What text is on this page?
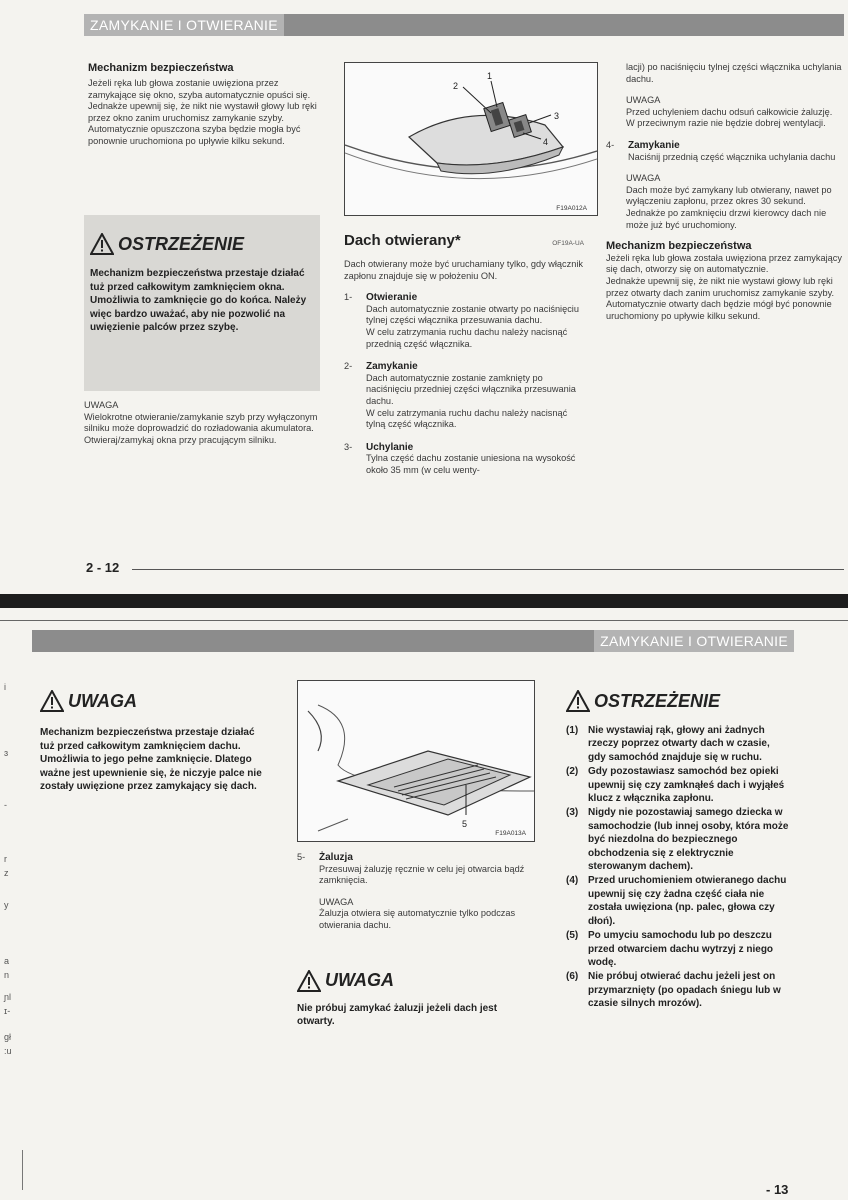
ZAMYKANIE I OTWIERANIE
Mechanizm bezpieczeństwa

Jeżeli ręka lub głowa zostanie uwięziona przez zamykające się okno, szyba automatycznie opuści się.

Jednakże upewnij się, że nikt nie wystawił głowy lub ręki przez okno zanim uruchomisz zamykanie szyby.

Automatycznie opuszczona szyba będzie mogła być ponownie uruchomiona po upływie kilku sekund.

OSTRZEŻENIE
Mechanizm bezpieczeństwa przestaje działać tuż przed całkowitym zamknięciem okna. Umożliwia to zamknięcie go do końca. Należy więc bardzo uważać, aby nie pozwolić na uwięzienie palców przez szybę.

UWAGA

Wielokrotne otwieranie/zamykanie szyb przy wyłączonym silniku może doprowadzić do rozładowania akumulatora. Otwieraj/zamykaj okna przy pracującym silniku.

1
2
3
4
F19A012A
Dach otwierany*	OF19A-UA
Dach otwierany może być uruchamiany tylko, gdy włącznik zapłonu znajduje się w położeniu ON.
1-	Otwieranie

Dach automatycznie zostanie otwarty po naciśnięciu tylnej części włącznika przesuwania dachu.

W celu zatrzymania ruchu dachu należy nacisnąć przednią część włącznika.

2-	Zamykanie

Dach automatycznie zostanie zamknięty po naciśnięciu przedniej części włącznika przesuwania dachu.

W celu zatrzymania ruchu dachu należy nacisnąć tylną część włącznika.

3-	Uchylanie

Tylna część dachu zostanie uniesiona na wysokość około 35 mm (w celu wenty-

lacji) po naciśnięciu tylnej części włącznika uchylania dachu.

UWAGA

Przed uchyleniem dachu odsuń całkowicie żaluzję. W przeciwnym razie nie będzie dobrej wentylacji.

4-	Zamykanie

Naciśnij przednią część włącznika uchylania dachu

UWAGA

Dach może być zamykany lub otwierany, nawet po wyłączeniu zapłonu, przez okres 30 sekund.

Jednakże po zamknięciu drzwi kierowcy dach nie może już być uruchomiony.

Mechanizm bezpieczeństwa

Jeżeli ręka lub głowa została uwięziona przez zamykający się dach, otworzy się on automatycznie.

Jednakże upewnij się, że nikt nie wystawi głowy lub ręki przez otwarty dach zanim uruchomisz zamykanie szyby.

Automatycznie otwarty dach będzie mógł być ponownie uruchomiony po upływie kilku sekund.

2 - 12
ZAMYKANIE I OTWIERANIE
i
ɜ
-
r
z
y
a
n
ɲl
ɪ-
gł
:u
UWAGA
Mechanizm bezpieczeństwa przestaje działać tuż przed całkowitym zamknięciem dachu. Umożliwia to jego pełne zamknięcie. Dlatego ważne jest upewnienie się, że niczyje palce nie zostały uwięzione przez zamykający się dach.
5
F19A013A
5-	Żaluzja

Przesuwaj żaluzję ręcznie w celu jej otwarcia bądź zamknięcia.

UWAGA

Żaluzja otwiera się automatycznie tylko podczas otwierania dachu.

UWAGA
Nie próbuj zamykać żaluzji jeżeli dach jest otwarty.
OSTRZEŻENIE
(1) Nie wystawiaj rąk, głowy ani żadnych rzeczy poprzez otwarty dach w czasie, gdy samochód znajduje się w ruchu.
(2) Gdy pozostawiasz samochód bez opieki upewnij się czy zamknąłeś dach i wyjąłeś klucz z włącznika zapłonu.
(3) Nigdy nie pozostawiaj samego dziecka w samochodzie (lub innej osoby, która może być niezdolna do bezpiecznego obchodzenia się z elektrycznie sterowanym dachem).
(4) Przed uruchomieniem otwieranego dachu upewnij się czy żadna część ciała nie została uwięziona (np. palec, głowa czy dłoń).
(5) Po umyciu samochodu lub po deszczu przed otwarciem dachu wytrzyj z niego wodę.
(6) Nie próbuj otwierać dachu jeżeli jest on przymarznięty (po opadach śniegu lub w czasie silnych mrozów).
- 13
